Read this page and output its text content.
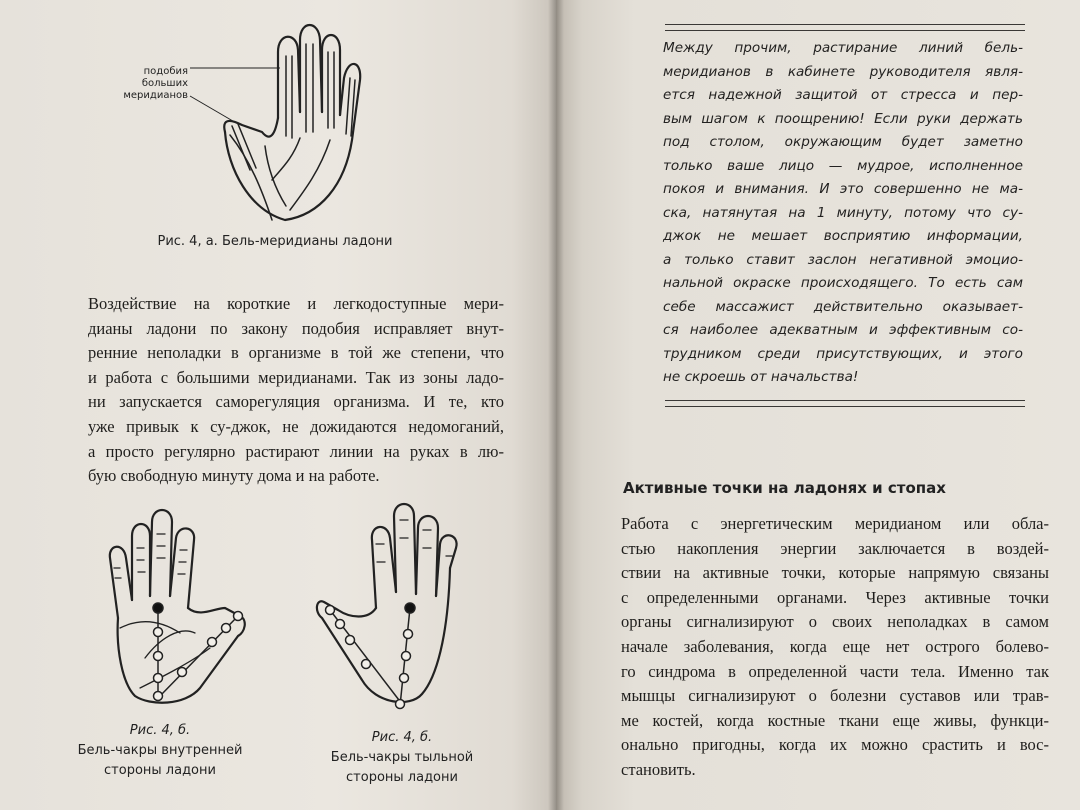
подобия
больших
меридианов

Рис. 4, а. Бель-меридианы ладони

Воздействие на короткие и легкодоступные мери-
дианы ладони по закону подобия исправляет внут-
ренние неполадки в организме в той же степени, что
и работа с большими меридианами. Так из зоны ладо-
ни запускается саморегуляция организма. И те, кто
уже привык к су-джок, не дожидаются недомоганий,
а просто регулярно растирают линии на руках в лю-
бую свободную минуту дома и на работе.

Рис. 4, б.
Бель-чакры внутренней
стороны ладони

Рис. 4, б.
Бель-чакры тыльной
стороны ладони

Между прочим, растирание линий бель-
меридианов в кабинете руководителя явля-
ется надежной защитой от стресса и пер-
вым шагом к поощрению! Если руки держать
под столом, окружающим будет заметно
только ваше лицо — мудрое, исполненное
покоя и внимания. И это совершенно не ма-
ска, натянутая на 1 минуту, потому что су-
джок не мешает восприятию информации,
а только ставит заслон негативной эмоцио-
нальной окраске происходящего. То есть сам
себе массажист действительно оказывает-
ся наиболее адекватным и эффективным со-
трудником среди присутствующих, и этого
не скроешь от начальства!

Активные точки на ладонях и стопах

Работа с энергетическим меридианом или обла-
стью накопления энергии заключается в воздей-
ствии на активные точки, которые напрямую связаны
с определенными органами. Через активные точки
органы сигнализируют о своих неполадках в самом
начале заболевания, когда еще нет острого болево-
го синдрома в определенной части тела. Именно так
мышцы сигнализируют о болезни суставов или трав-
ме костей, когда костные ткани еще живы, функци-
онально пригодны, когда их можно срастить и вос-
становить.
